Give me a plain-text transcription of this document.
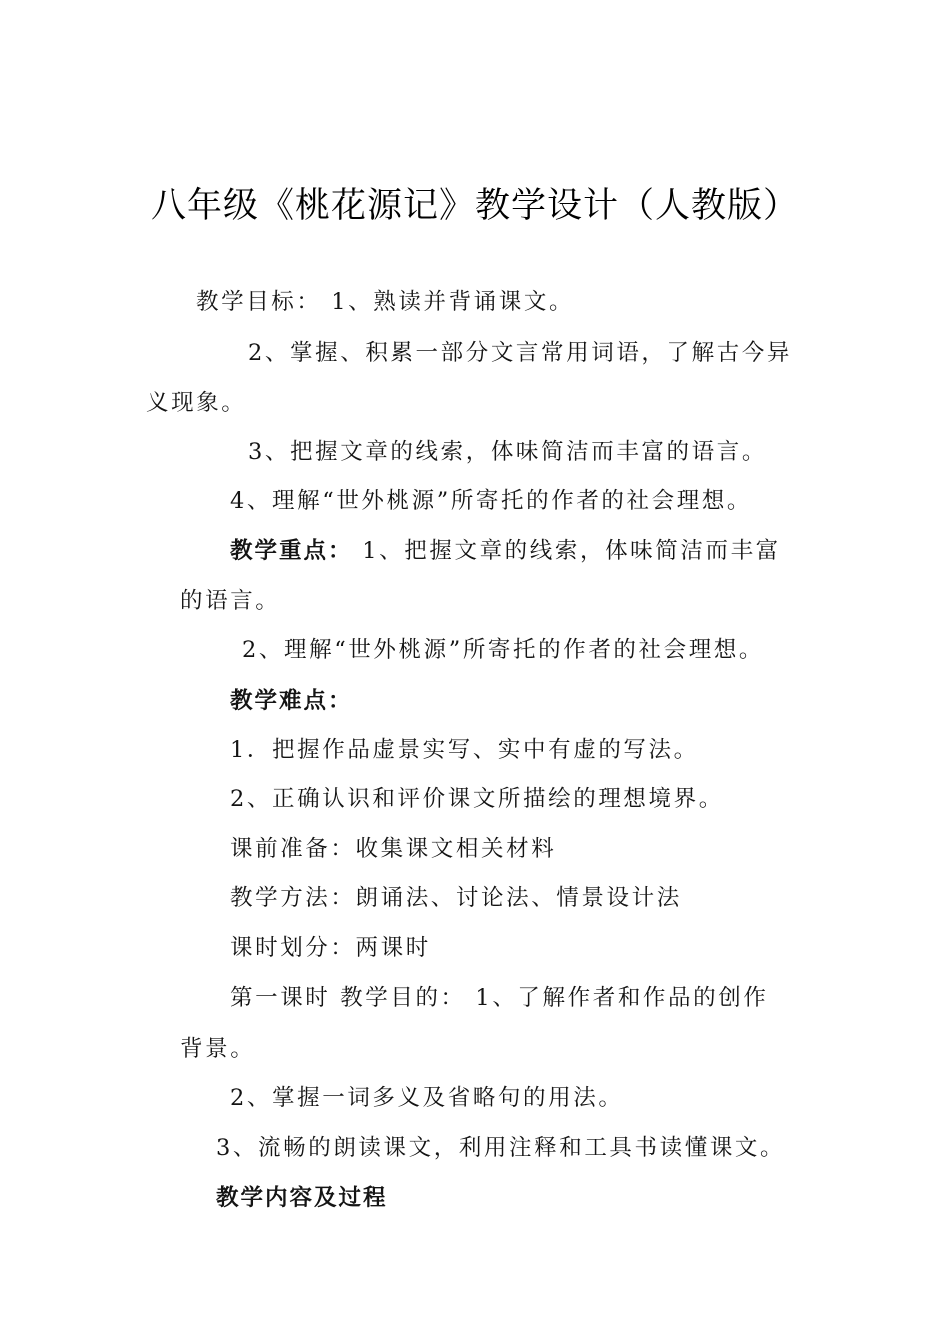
八年级《桃花源记》教学设计（人教版）
教学目标： 1、熟读并背诵课文。
2、掌握、积累一部分文言常用词语，了解古今异
义现象。
3、把握文章的线索，体味简洁而丰富的语言。
4、理解“世外桃源”所寄托的作者的社会理想。
教学重点： 1、把握文章的线索，体味简洁而丰富
的语言。
2、理解“世外桃源”所寄托的作者的社会理想。
教学难点：
1．把握作品虚景实写、实中有虚的写法。
2、正确认识和评价课文所描绘的理想境界。
课前准备：收集课文相关材料
教学方法：朗诵法、讨论法、情景设计法
课时划分：两课时
第一课时 教学目的： 1、了解作者和作品的创作
背景。
2、掌握一词多义及省略句的用法。
3、流畅的朗读课文，利用注释和工具书读懂课文。
教学内容及过程
